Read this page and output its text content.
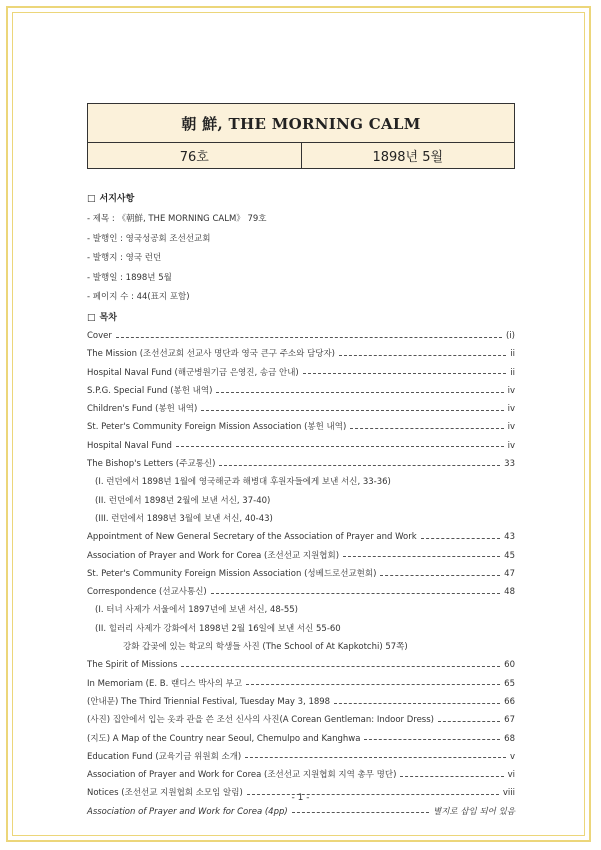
朝 鮮, THE MORNING CALM
76호	1898년 5월
□ 서지사항
- 제목 : 《朝鮮, THE MORNING CALM》 79호
- 발행인 : 영국성공회 조선선교회
- 발행지 : 영국 런던
- 발행일 : 1898년 5월
- 페이지 수 : 44(표지 포함)
□ 목차
Cover	(i)
The Mission (조선선교회 선교사 명단과 영국 큰구 주소와 담당자)	ii
Hospital Naval Fund (해군병원기금 은영진, 송금 안내)	ii
S.P.G. Special Fund (봉헌 내역)	iv
Children's Fund (봉헌 내역)	iv
St. Peter's Community Foreign Mission Association (봉헌 내역)	iv
Hospital Naval Fund	iv
The Bishop's Letters (주교통신)	33
(I. 런던에서 1898년 1월에 영국해군과 해병대 후원자들에게 보낸 서신, 33-36)
(II. 런던에서 1898년 2월에 보낸 서신, 37-40)
(III. 런던에서 1898년 3월에 보낸 서신, 40-43)
Appointment of New General Secretary of the Association of Prayer and Work	43
Association of Prayer and Work for Corea (조선선교 지원협회)	45
St. Peter's Community Foreign Mission Association (성베드로선교현회)	47
Correspondence (선교사통신)	48
(I. 터너 사제가 서울에서 1897년에 보낸 서신, 48-55)
(II. 힐러리 사제가 강화에서 1898년 2월 16일에 보낸 서신 55-60
강화 갑곶에 있는 학교의 학생들 사진 (The School of At Kapkotchi) 57쪽)
The Spirit of Missions	60
In Memoriam (E. B. 랜디스 박사의 부고	65
(안내문) The Third Triennial Festival, Tuesday May 3, 1898	66
(사진) 집안에서 입는 옷과 관을 쓴 조선 신사의 사진(A Corean Gentleman: Indoor Dress)	67
(지도) A Map of the Country near Seoul, Chemulpo and Kanghwa	68
Education Fund (교육기금 위원회 소개)	v
Association of Prayer and Work for Corea (조선선교 지원협회 지역 총무 명단)	vi
Notices (조선선교 지원협회 소모임 알림)	viii
Association of Prayer and Work for Corea (4pp)	별지로 삽입 되어 있음
- 1 -
